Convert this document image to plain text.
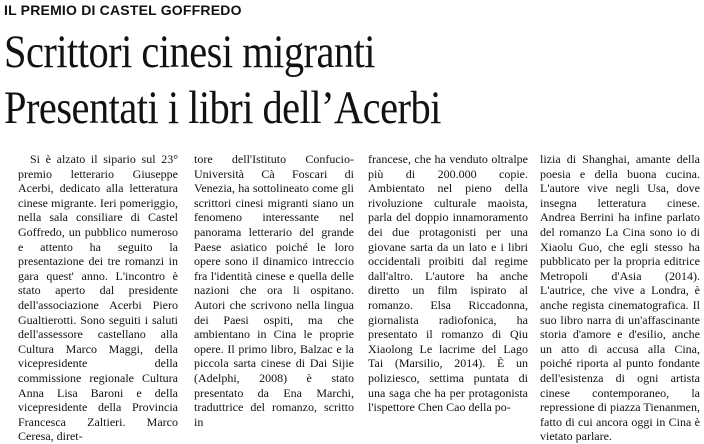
IL PREMIO DI CASTEL GOFFREDO
Scrittori cinesi migranti
Presentati i libri dell’Acerbi

Si è alzato il sipario sul 23° premio letterario Giuseppe Acerbi, dedicato alla letteratura cinese migrante. Ieri pomeriggio, nella sala consiliare di Castel Goffredo, un pubblico numeroso e attento ha seguito la presentazione dei tre romanzi in gara quest' anno. L'incontro è stato aperto dal presidente dell'associazione Acerbi Piero Gualtierotti. Sono seguiti i saluti dell'assessore castellano alla Cultura Marco Maggi, della vicepresidente della commissione regionale Cultura Anna Lisa Baroni e della vicepresidente della Provincia Francesca Zaltieri. Marco Ceresa, diret-

tore dell'Istituto Confucio-Università Cà Foscari di Venezia, ha sottolineato come gli scrittori cinesi migranti siano un fenomeno interessante nel panorama letterario del grande Paese asiatico poiché le loro opere sono il dinamico intreccio fra l'identità cinese e quella delle nazioni che ora li ospitano. Autori che scrivono nella lingua dei Paesi ospiti, ma che ambientano in Cina le proprie opere. Il primo libro, Balzac e la piccola sarta cinese di Dai Sijie (Adelphi, 2008) è stato presentato da Ena Marchi, traduttrice del romanzo, scritto in

francese, che ha venduto oltralpe più di 200.000 copie. Ambientato nel pieno della rivoluzione culturale maoista, parla del doppio innamoramento dei due protagonisti per una giovane sarta da un lato e i libri occidentali proibiti dal regime dall'altro. L'autore ha anche diretto un film ispirato al romanzo. Elsa Riccadonna, giornalista radiofonica, ha presentato il romanzo di Qiu Xiaolong Le lacrime del Lago Tai (Marsilio, 2014). È un poliziesco, settima puntata di una saga che ha per protagonista l'ispettore Chen Cao della po-

lizia di Shanghai, amante della poesia e della buona cucina. L'autore vive negli Usa, dove insegna letteratura cinese. Andrea Berrini ha infine parlato del romanzo La Cina sono io di Xiaolu Guo, che egli stesso ha pubblicato per la propria editrice Metropoli d'Asia (2014). L'autrice, che vive a Londra, è anche regista cinematografica. Il suo libro narra di un'affascinante storia d'amore e d'esilio, anche un atto di accusa alla Cina, poiché riporta al punto fondante dell'esistenza di ogni artista cinese contemporaneo, la repressione di piazza Tienanmen, fatto di cui ancora oggi in Cina è vietato parlare.
